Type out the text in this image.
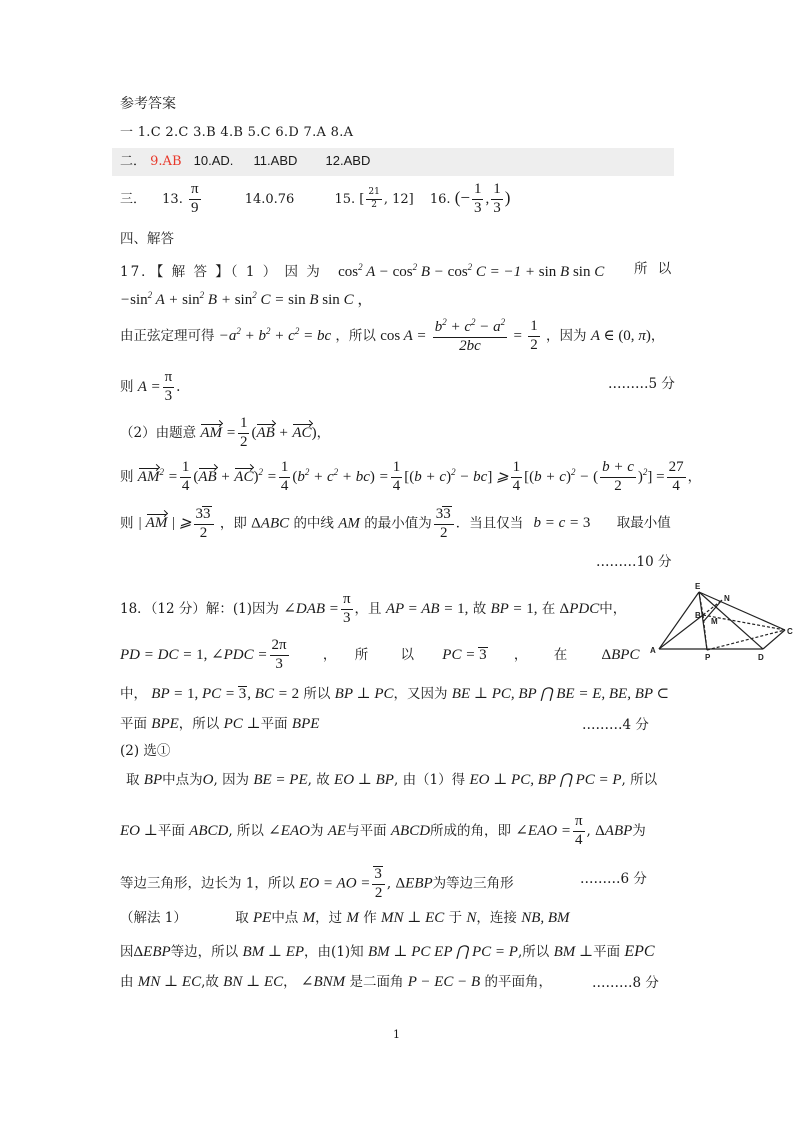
参考答案
一 1.C 2.C 3.B 4.B 5.C 6.D 7.A 8.A
二． 9.AB 10.AD. 11.ABD 12.ABD
三． 13. $\frac{\pi}{9}$	14.0.76	15. [ $\frac{21}{2}$ , 12] 16. (− $\frac{1}{3}$ , $\frac{1}{3}$ )
四、解答
17．【 解 答 】（ 1 ） 因 为 $\cos^2 A - \cos^2 B - \cos^2 C = -1 + \sin B$ sin C 所 以
$-\sin^2$ $A + \sin^2 B + \sin^2 C = \sin B$ sin C ，
由正弦定理可得 $-a^2 + b^2 + c^2$ = bc ，所以 $\cos A = \frac{b^2 + c^2 - a^2}{2bc} = \frac{1}{2}$ ，因为 A ∈ (0, π)，
则 $A = \frac{\pi}{3}$ .	………5 分
（2）由题意 AM = $\frac{1}{2} (AB + AC)$，
则 $AM^2 = \frac{1}{4} (AB + AC)^2 = \frac{1}{4} (b^2 + c^2 + bc) = \frac{1}{4} [(b + c)^2 - bc]$ ⩾ $\frac{1}{4} [(b + c)^2$ − ( $\frac{b + c}{2} )^2] = \frac{27}{4}$ ，
则 | AM | ⩾ $\frac{33}{2}$ ，即 ΔABC 的中线 AM 的最小值为 $\frac{33}{2}$ ．当且仅当 b = c = 3 取最小值
………10 分
18．（12 分）解：(1)因为 ∠DAB = $\frac{\pi}{3}$ ，且 AP = AB = 1, 故 BP = 1, 在 ΔPDC中，
PD = DC = 1, ∠PDC = $\frac{2\pi}{3}$	， 所 以 PC = 3 ， 在 ΔBPC
中， BP = 1, PC = 3, BC = 2 所以 BP ⊥ PC，又因为 BE ⊥ PC, BP ⋂ BE = E, BE, BP ⊂
平面 BPE，所以 PC ⊥平面 BPE	………4 分
(2) 选①
取 BP中点为O, 因为 BE = PE, 故 EO ⊥ BP, 由（1）得 EO ⊥ PC, BP ⋂ PC = P, 所以
EO ⊥平面 ABCD, 所以 ∠EAO为 AE与平面 ABCD所成的角，即 ∠EAO = $\frac{\pi}{4}$ , ΔABP为
等边三角形，边长为 1，所以 EO = AO = $\frac{3}{2}$ , ΔEBP为等边三角形	………6 分
（解法 1）	取 PE中点 M，过 M 作 MN ⊥ EC 于 N，连接 NB, BM
因ΔEBP等边，所以 BM ⊥ EP，由(1)知 BM ⊥ PC EP ⋂ PC = P,所以 BM ⊥平面 EPC
由 MN ⊥ EC,故 BN ⊥ EC， ∠BNM 是二面角 P − EC − B 的平面角，	………8 分
E
N
M
A
B
P	D
C
1
